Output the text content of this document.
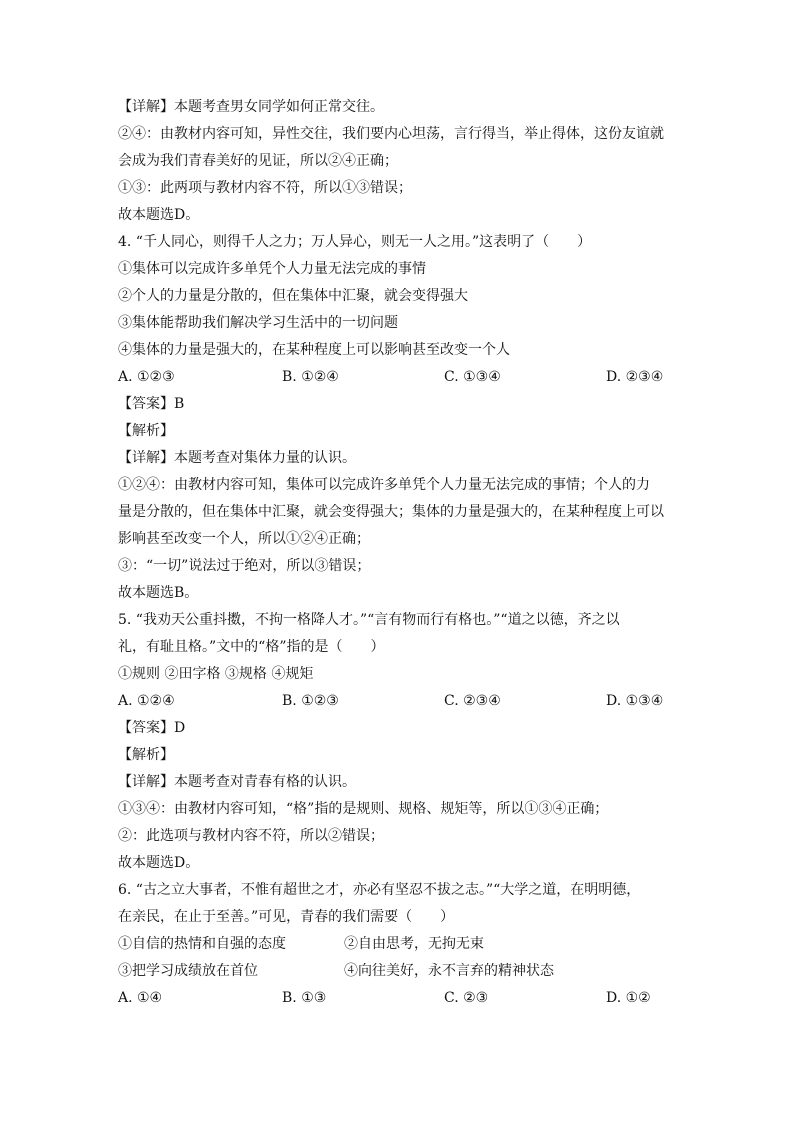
【详解】本题考查男女同学如何正常交往。
②④：由教材内容可知，异性交往，我们要内心坦荡，言行得当，举止得体，这份友谊就
会成为我们青春美好的见证，所以②④正确；
①③：此两项与教材内容不符，所以①③错误；
故本题选D。
4. “千人同心，则得千人之力；万人异心，则无一人之用。”这表明了（　　）
①集体可以完成许多单凭个人力量无法完成的事情
②个人的力量是分散的，但在集体中汇聚，就会变得强大
③集体能帮助我们解决学习生活中的一切问题
④集体的力量是强大的，在某种程度上可以影响甚至改变一个人
A. ①②③	B. ①②④	C. ①③④	D. ②③④
【答案】B
【解析】
【详解】本题考查对集体力量的认识。
①②④：由教材内容可知，集体可以完成许多单凭个人力量无法完成的事情；个人的力
量是分散的，但在集体中汇聚，就会变得强大；集体的力量是强大的，在某种程度上可以
影响甚至改变一个人，所以①②④正确；
③：“一切”说法过于绝对，所以③错误；
故本题选B。
5. “我劝天公重抖擞，不拘一格降人才。”“言有物而行有格也。”“道之以德，齐之以
礼，有耻且格。”文中的“格”指的是（　　）
①规则 ②田字格 ③规格 ④规矩
A. ①②④	B. ①②③	C. ②③④	D. ①③④
【答案】D
【解析】
【详解】本题考查对青春有格的认识。
①③④：由教材内容可知，“格”指的是规则、规格、规矩等，所以①③④正确；
②：此选项与教材内容不符，所以②错误；
故本题选D。
6. “古之立大事者，不惟有超世之才，亦必有坚忍不拔之志。”“大学之道，在明明德，
在亲民，在止于至善。”可见，青春的我们需要（　　）
①自信的热情和自强的态度	②自由思考，无拘无束
③把学习成绩放在首位	④向往美好，永不言弃的精神状态
A. ①④	B. ①③	C. ②③	D. ①②
